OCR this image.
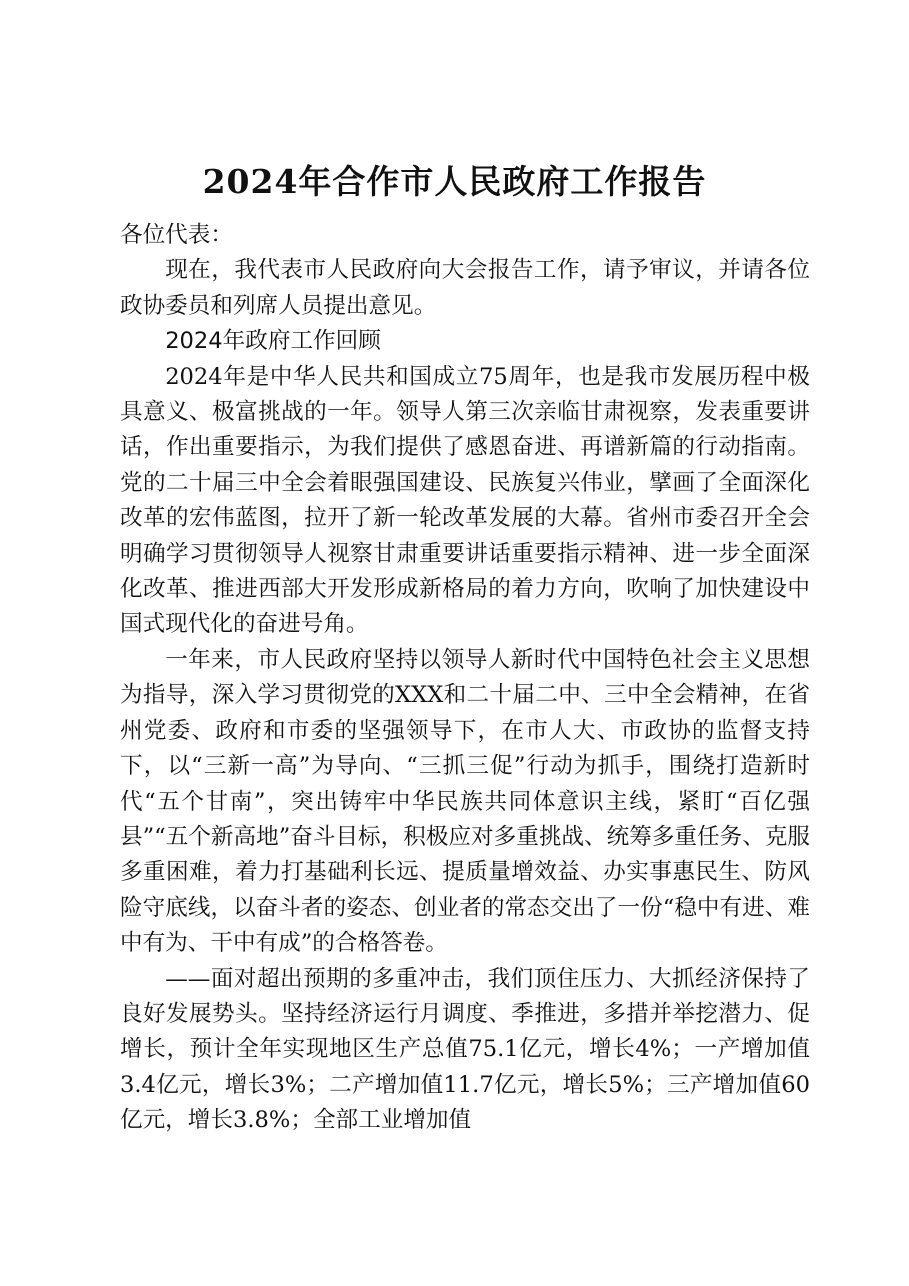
2024年合作市人民政府工作报告

各位代表：

现在，我代表市人民政府向大会报告工作，请予审议，并请各位政协委员和列席人员提出意见。

2024年政府工作回顾

2024年是中华人民共和国成立75周年，也是我市发展历程中极具意义、极富挑战的一年。领导人第三次亲临甘肃视察，发表重要讲话，作出重要指示，为我们提供了感恩奋进、再谱新篇的行动指南。党的二十届三中全会着眼强国建设、民族复兴伟业，擘画了全面深化改革的宏伟蓝图，拉开了新一轮改革发展的大幕。省州市委召开全会明确学习贯彻领导人视察甘肃重要讲话重要指示精神、进一步全面深化改革、推进西部大开发形成新格局的着力方向，吹响了加快建设中国式现代化的奋进号角。

一年来，市人民政府坚持以领导人新时代中国特色社会主义思想为指导，深入学习贯彻党的XXX和二十届二中、三中全会精神，在省州党委、政府和市委的坚强领导下，在市人大、市政协的监督支持下，以“三新一高”为导向、“三抓三促”行动为抓手，围绕打造新时代“五个甘南”，突出铸牢中华民族共同体意识主线，紧盯“百亿强县”“五个新高地”奋斗目标，积极应对多重挑战、统筹多重任务、克服多重困难，着力打基础利长远、提质量增效益、办实事惠民生、防风险守底线，以奋斗者的姿态、创业者的常态交出了一份“稳中有进、难中有为、干中有成”的合格答卷。

——面对超出预期的多重冲击，我们顶住压力、大抓经济保持了良好发展势头。坚持经济运行月调度、季推进，多措并举挖潜力、促增长，预计全年实现地区生产总值75.1亿元，增长4%；一产增加值3.4亿元，增长3%；二产增加值11.7亿元，增长5%；三产增加值60亿元，增长3.8%；全部工业增加值
